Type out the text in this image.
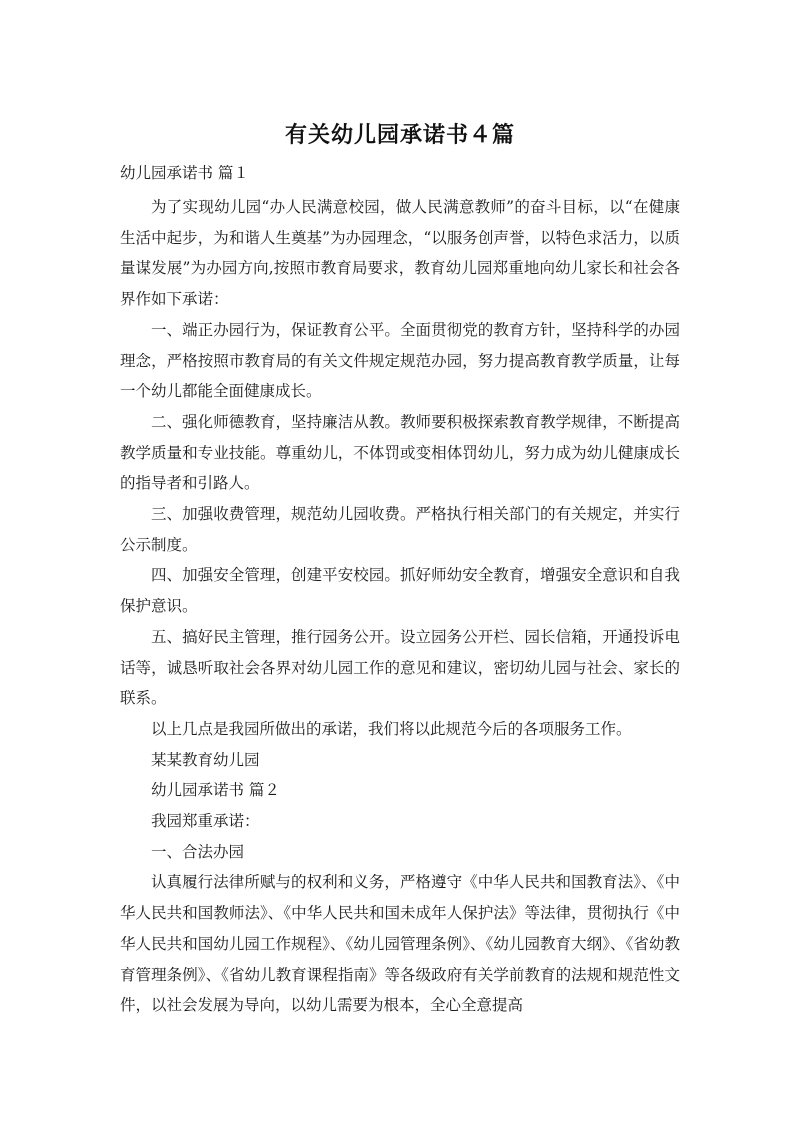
有关幼儿园承诺书４篇
幼儿园承诺书 篇１

为了实现幼儿园“办人民满意校园，做人民满意教师”的奋斗目标，以“在健康生活中起步，为和谐人生奠基”为办园理念，“以服务创声誉，以特色求活力，以质量谋发展”为办园方向,按照市教育局要求，教育幼儿园郑重地向幼儿家长和社会各界作如下承诺：

一、端正办园行为，保证教育公平。全面贯彻党的教育方针，坚持科学的办园理念，严格按照市教育局的有关文件规定规范办园，努力提高教育教学质量，让每一个幼儿都能全面健康成长。

二、强化师德教育，坚持廉洁从教。教师要积极探索教育教学规律，不断提高教学质量和专业技能。尊重幼儿，不体罚或变相体罚幼儿，努力成为幼儿健康成长的指导者和引路人。

三、加强收费管理，规范幼儿园收费。严格执行相关部门的有关规定，并实行公示制度。

四、加强安全管理，创建平安校园。抓好师幼安全教育，增强安全意识和自我保护意识。

五、搞好民主管理，推行园务公开。设立园务公开栏、园长信箱，开通投诉电话等，诚恳听取社会各界对幼儿园工作的意见和建议，密切幼儿园与社会、家长的联系。

以上几点是我园所做出的承诺，我们将以此规范今后的各项服务工作。

某某教育幼儿园

幼儿园承诺书 篇２

我园郑重承诺：

一、合法办园

认真履行法律所赋与的权利和义务，严格遵守《中华人民共和国教育法》、《中华人民共和国教师法》、《中华人民共和国未成年人保护法》等法律，贯彻执行《中华人民共和国幼儿园工作规程》、《幼儿园管理条例》、《幼儿园教育大纲》、《省幼教育管理条例》、《省幼儿教育课程指南》等各级政府有关学前教育的法规和规范性文件，以社会发展为导向，以幼儿需要为根本，全心全意提高
